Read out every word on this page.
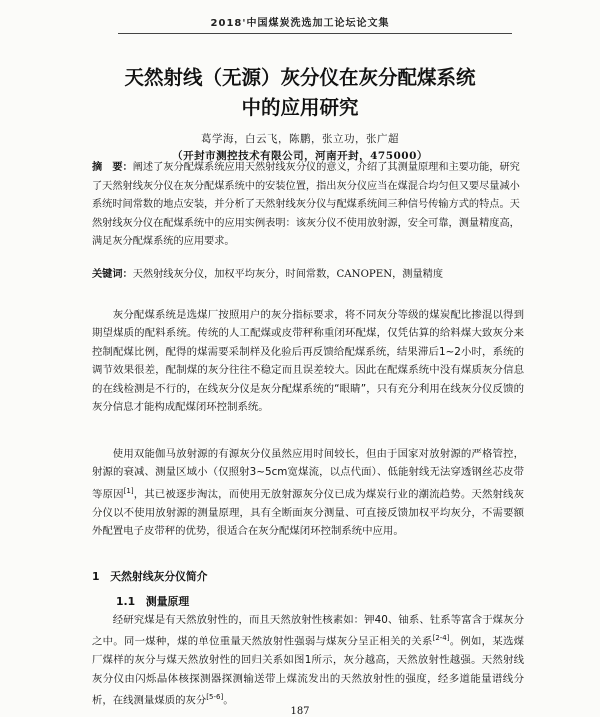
2018'中国煤炭洗选加工论坛论文集
天然射线（无源）灰分仪在灰分配煤系统
中的应用研究
葛学海，白云飞，陈鹏，张立功，张广超
（开封市测控技术有限公司，河南开封，475000）
摘　要：阐述了灰分配煤系统应用天然射线灰分仪的意义，介绍了其测量原理和主要功能，研究了天然射线灰分仪在灰分配煤系统中的安装位置，指出灰分仪应当在煤混合均匀但又要尽量减小系统时间常数的地点安装，并分析了天然射线灰分仪与配煤系统间三种信号传输方式的特点。天然射线灰分仪在配煤系统中的应用实例表明：该灰分仪不使用放射源，安全可靠，测量精度高，满足灰分配煤系统的应用要求。
关键词：天然射线灰分仪，加权平均灰分，时间常数，CANOPEN，测量精度
灰分配煤系统是选煤厂按照用户的灰分指标要求，将不同灰分等级的煤炭配比掺混以得到期望煤质的配料系统。传统的人工配煤或皮带秤称重闭环配煤，仅凭估算的给料煤大致灰分来控制配煤比例，配得的煤需要采制样及化验后再反馈给配煤系统，结果滞后1~2小时，系统的调节效果很差，配制煤的灰分往往不稳定而且误差较大。因此在配煤系统中没有煤质灰分信息的在线检测是不行的，在线灰分仪是灰分配煤系统的“眼睛”，只有充分利用在线灰分仪反馈的灰分信息才能构成配煤闭环控制系统。
使用双能伽马放射源的有源灰分仪虽然应用时间较长，但由于国家对放射源的严格管控，射源的衰减、测量区域小（仅照射3~5cm宽煤流，以点代面）、低能射线无法穿透钢丝芯皮带等原因[1]，其已被逐步淘汰，而使用无放射源灰分仪已成为煤炭行业的潮流趋势。天然射线灰分仪以不使用放射源的测量原理，具有全断面灰分测量、可直接反馈加权平均灰分，不需要额外配置电子皮带秤的优势，很适合在灰分配煤闭环控制系统中应用。
1　天然射线灰分仪简介
1.1　测量原理
经研究煤是有天然放射性的，而且天然放射性核素如：钾40、铀系、钍系等富含于煤灰分之中。同一煤种，煤的单位重量天然放射性强弱与煤灰分呈正相关的关系[2-4]。例如，某选煤厂煤样的灰分与煤天然放射性的回归关系如图1所示，灰分越高，天然放射性越强。天然射线灰分仪由闪烁晶体核探测器探测输送带上煤流发出的天然放射性的强度，经多道能量谱线分析，在线测量煤质的灰分[5-6]。
187
